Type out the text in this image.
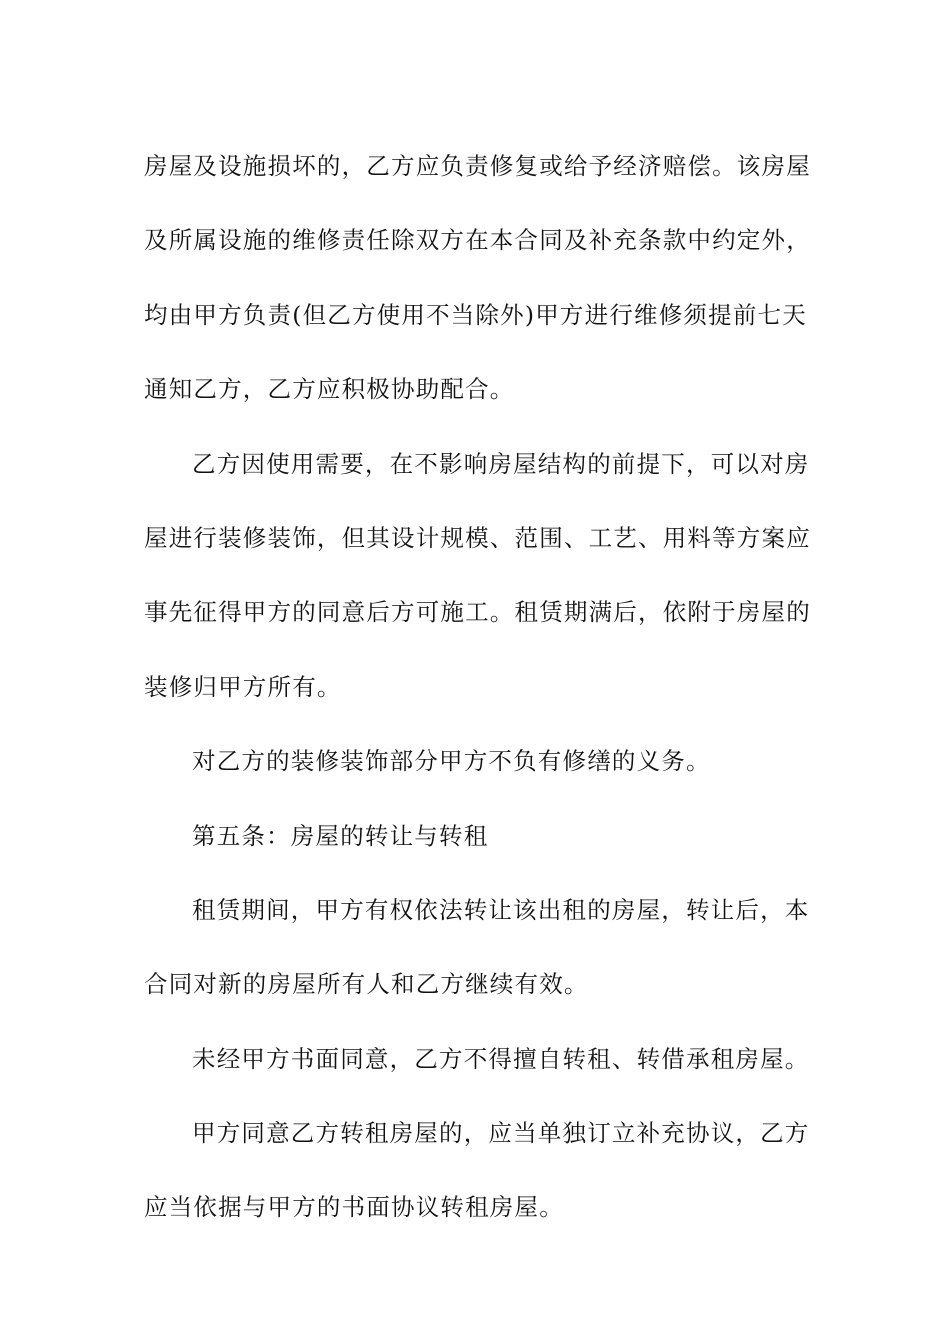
房屋及设施损坏的，乙方应负责修复或给予经济赔偿。该房屋
及所属设施的维修责任除双方在本合同及补充条款中约定外，
均由甲方负责(但乙方使用不当除外)甲方进行维修须提前七天
通知乙方，乙方应积极协助配合。
乙方因使用需要，在不影响房屋结构的前提下，可以对房
屋进行装修装饰，但其设计规模、范围、工艺、用料等方案应
事先征得甲方的同意后方可施工。租赁期满后，依附于房屋的
装修归甲方所有。
对乙方的装修装饰部分甲方不负有修缮的义务。
第五条：房屋的转让与转租
租赁期间，甲方有权依法转让该出租的房屋，转让后，本
合同对新的房屋所有人和乙方继续有效。
未经甲方书面同意，乙方不得擅自转租、转借承租房屋。
甲方同意乙方转租房屋的，应当单独订立补充协议，乙方
应当依据与甲方的书面协议转租房屋。
